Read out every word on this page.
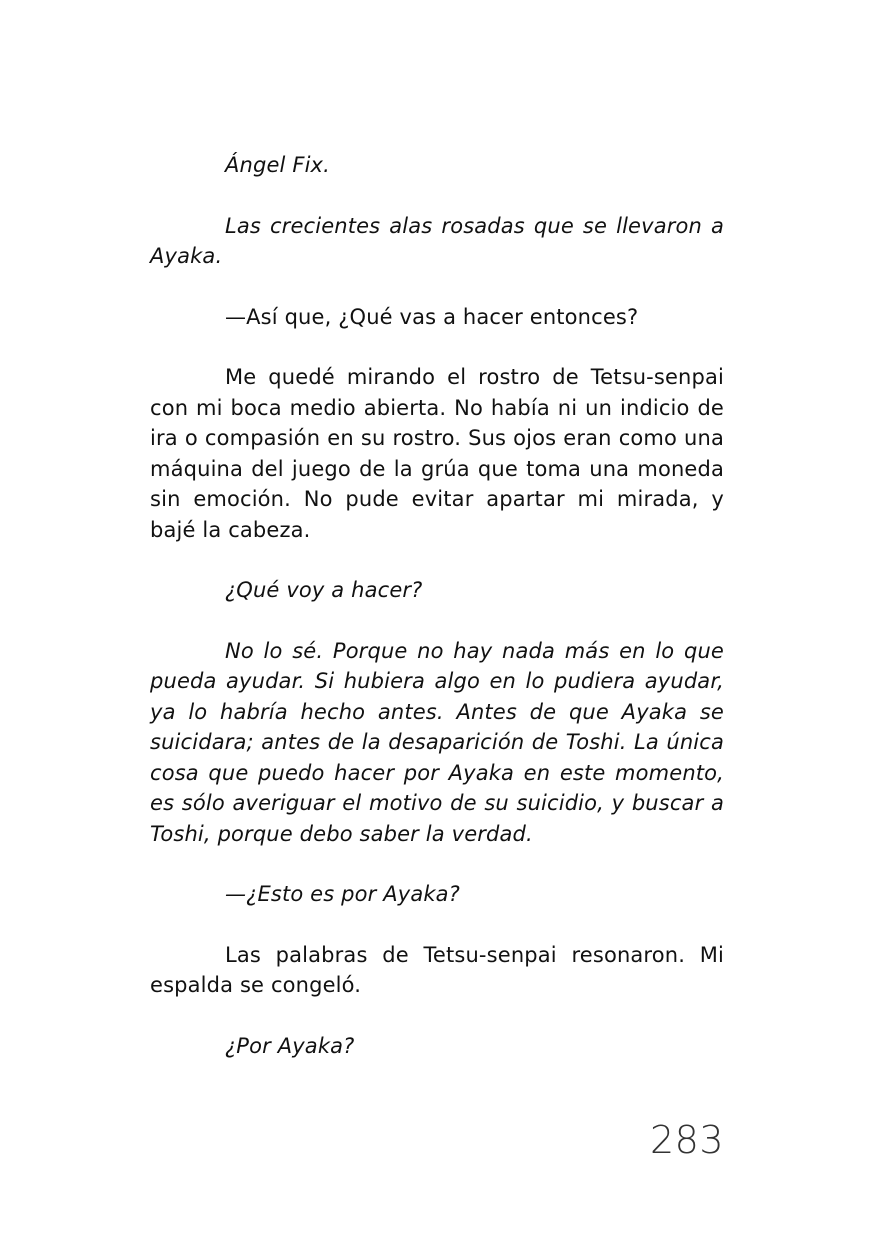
Ángel Fix.

Las crecientes alas rosadas que se llevaron a Ayaka.

—Así que, ¿Qué vas a hacer entonces?

Me quedé mirando el rostro de Tetsu-senpai con mi boca medio abierta. No había ni un indicio de ira o compasión en su rostro. Sus ojos eran como una máquina del juego de la grúa que toma una moneda sin emoción. No pude evitar apartar mi mirada, y bajé la cabeza.

¿Qué voy a hacer?

No lo sé. Porque no hay nada más en lo que pueda ayudar. Si hubiera algo en lo pudiera ayudar, ya lo habría hecho antes. Antes de que Ayaka se suicidara; antes de la desaparición de Toshi. La única cosa que puedo hacer por Ayaka en este momento, es sólo averiguar el motivo de su suicidio, y buscar a Toshi, porque debo saber la verdad.

—¿Esto es por Ayaka?

Las palabras de Tetsu-senpai resonaron. Mi espalda se congeló.

¿Por Ayaka?

283
